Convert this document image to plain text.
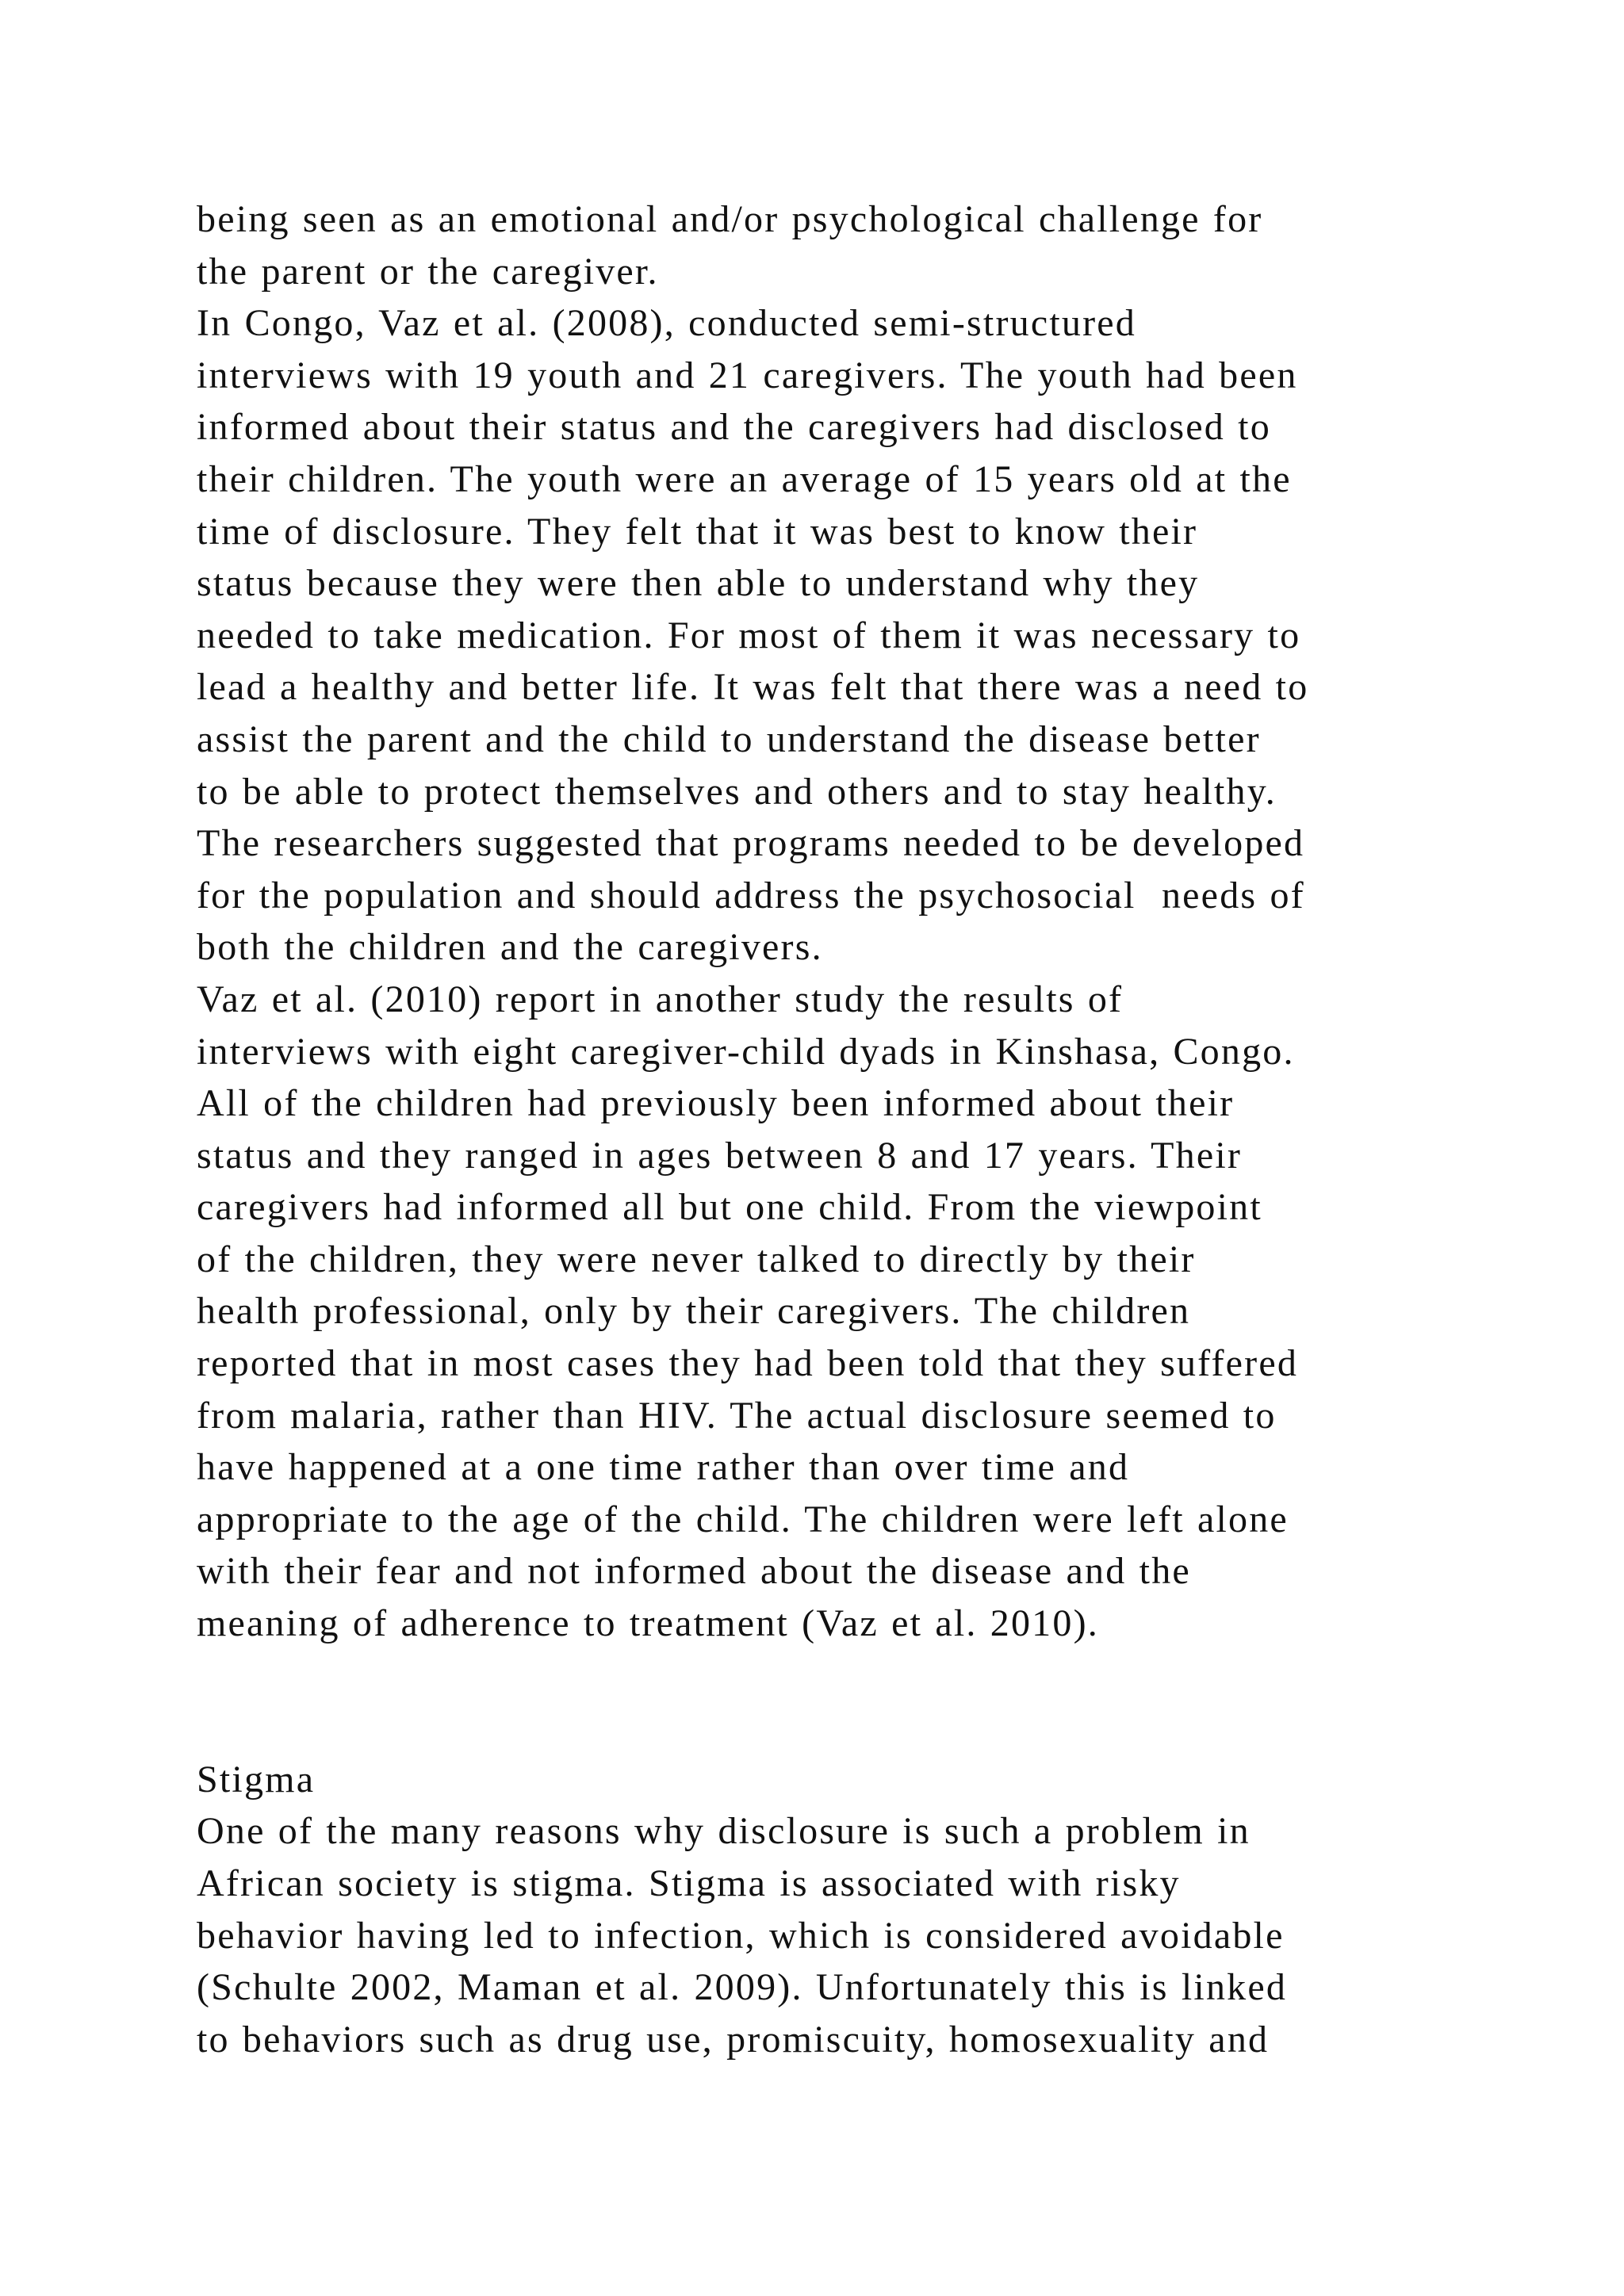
being seen as an emotional and/or psychological challenge for
the parent or the caregiver.
In Congo, Vaz et al. (2008), conducted semi-structured
interviews with 19 youth and 21 caregivers. The youth had been
informed about their status and the caregivers had disclosed to
their children. The youth were an average of 15 years old at the
time of disclosure. They felt that it was best to know their
status because they were then able to understand why they
needed to take medication. For most of them it was necessary to
lead a healthy and better life. It was felt that there was a need to
assist the parent and the child to understand the disease better
to be able to protect themselves and others and to stay healthy.
The researchers suggested that programs needed to be developed
for the population and should address the psychosocial  needs of
both the children and the caregivers.
Vaz et al. (2010) report in another study the results of
interviews with eight caregiver-child dyads in Kinshasa, Congo.
All of the children had previously been informed about their
status and they ranged in ages between 8 and 17 years. Their
caregivers had informed all but one child. From the viewpoint
of the children, they were never talked to directly by their
health professional, only by their caregivers. The children
reported that in most cases they had been told that they suffered
from malaria, rather than HIV. The actual disclosure seemed to
have happened at a one time rather than over time and
appropriate to the age of the child. The children were left alone
with their fear and not informed about the disease and the
meaning of adherence to treatment (Vaz et al. 2010).
Stigma
One of the many reasons why disclosure is such a problem in
African society is stigma. Stigma is associated with risky
behavior having led to infection, which is considered avoidable
(Schulte 2002, Maman et al. 2009). Unfortunately this is linked
to behaviors such as drug use, promiscuity, homosexuality and
